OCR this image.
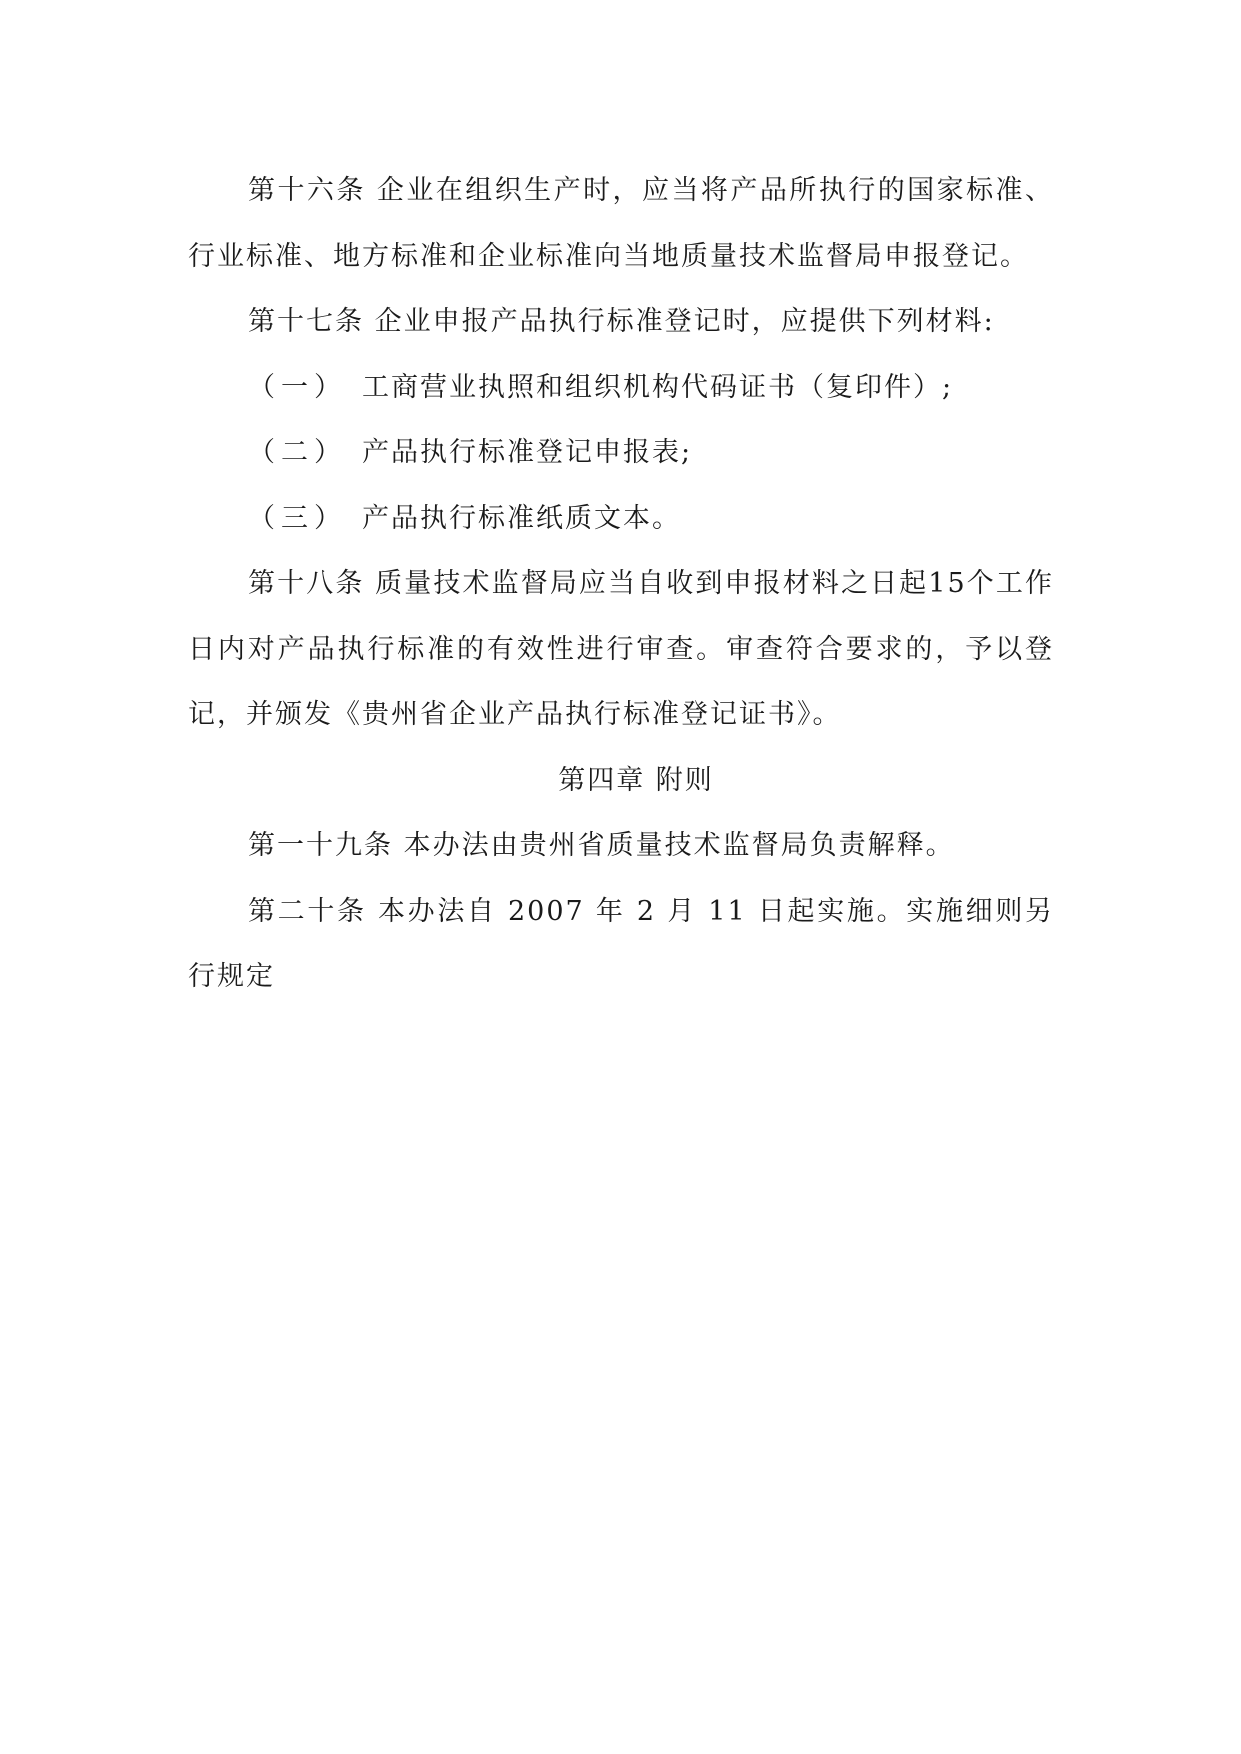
第十六条 企业在组织生产时，应当将产品所执行的国家标准、行业标准、地方标准和企业标准向当地质量技术监督局申报登记。

第十七条 企业申报产品执行标准登记时，应提供下列材料:

（一） 工商营业执照和组织机构代码证书（复印件）;

（二） 产品执行标准登记申报表;

（三） 产品执行标准纸质文本。

第十八条 质量技术监督局应当自收到申报材料之日起15个工作日内对产品执行标准的有效性进行审查。审查符合要求的，予以登记，并颁发《贵州省企业产品执行标准登记证书》。

第四章 附则

第一十九条 本办法由贵州省质量技术监督局负责解释。

第二十条 本办法自 2007 年 2 月 11 日起实施。实施细则另行规定
